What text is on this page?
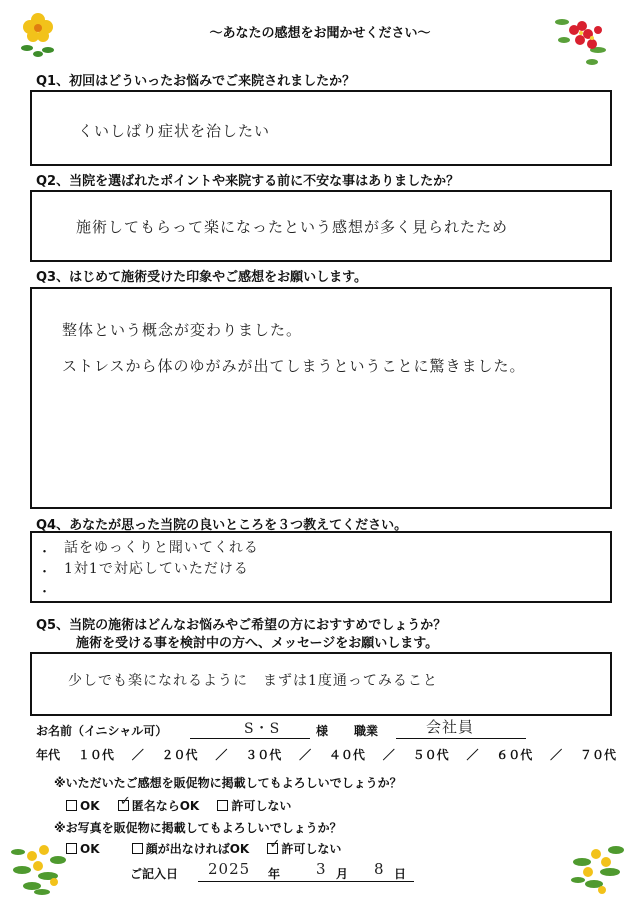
～あなたの感想をお聞かせください～
Q1、初回はどういったお悩みでご来院されましたか？
くいしばり症状を治したい
Q2、当院を選ばれたポイントや来院する前に不安な事はありましたか？
施術してもらって楽になったという感想が多く見られたため
Q3、はじめて施術受けた印象やご感想をお願いします。
整体という概念が変わりました。
ストレスから体のゆがみが出てしまうということに驚きました。
Q4、あなたが思った当院の良いところを３つ教えてください。
・
・
・
話をゆっくりと聞いてくれる
1対1で対応していただける
Q5、当院の施術はどんなお悩みやご希望の方におすすめでしょうか？
施術を受ける事を検討中の方へ、メッセージをお願いします。
少しでも楽になれるように　まずは1度通ってみること
お名前（イニシャル可）	S・S	様 職業	会社員
年代 １０代 ／ ２０代 ／ ３０代 ／ ４０代 ／ ５０代 ／ ６０代 ／ ７０代
※いただいたご感想を販促物に掲載してもよろしいでしょうか？
OK ✓ 匿名ならOK	許可しない
※お写真を販促物に掲載してもよろしいでしょうか？
OK	顔が出なければOK ✓ 許可しない
ご記入日 2025 年 3 月 8 日
